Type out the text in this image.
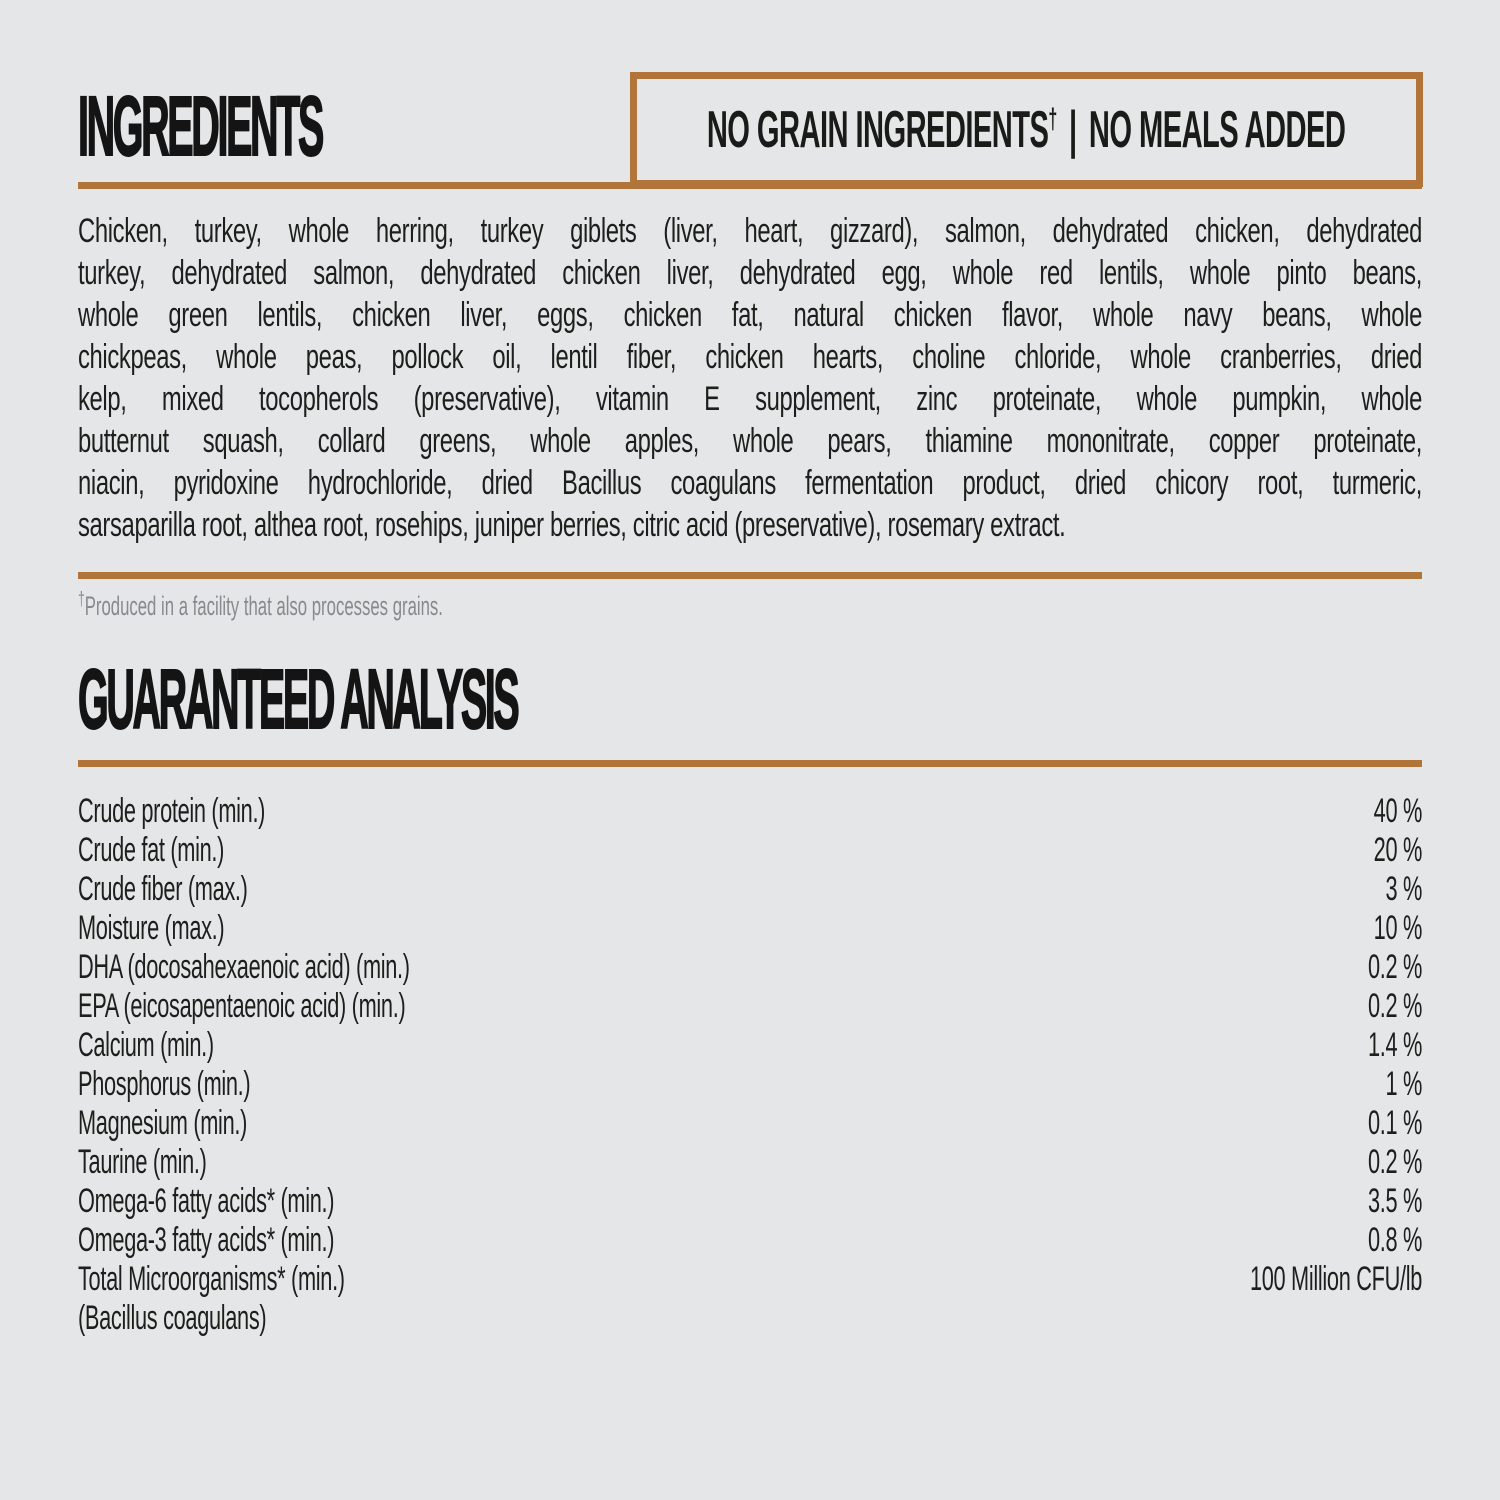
INGREDIENTS	NO GRAIN INGREDIENTS† | NO MEALS ADDED
Chicken, turkey, whole herring, turkey giblets (liver, heart, gizzard), salmon, dehydrated chicken, dehydrated
turkey, dehydrated salmon, dehydrated chicken liver, dehydrated egg, whole red lentils, whole pinto beans,
whole green lentils, chicken liver, eggs, chicken fat, natural chicken flavor, whole navy beans, whole
chickpeas, whole peas, pollock oil, lentil fiber, chicken hearts, choline chloride, whole cranberries, dried
kelp, mixed tocopherols (preservative), vitamin E supplement, zinc proteinate, whole pumpkin, whole
butternut squash, collard greens, whole apples, whole pears, thiamine mononitrate, copper proteinate,
niacin, pyridoxine hydrochloride, dried Bacillus coagulans fermentation product, dried chicory root, turmeric,
sarsaparilla root, althea root, rosehips, juniper berries, citric acid (preservative), rosemary extract.
†Produced in a facility that also processes grains.
GUARANTEED ANALYSIS
Crude protein (min.)	40 %
Crude fat (min.)	20 %
Crude fiber (max.)	3 %
Moisture (max.)	10 %
DHA (docosahexaenoic acid) (min.)	0.2 %
EPA (eicosapentaenoic acid) (min.)	0.2 %
Calcium (min.)	1.4 %
Phosphorus (min.)	1 %
Magnesium (min.)	0.1 %
Taurine (min.)	0.2 %
Omega-6 fatty acids* (min.)	3.5 %
Omega-3 fatty acids* (min.)	0.8 %
Total Microorganisms* (min.)	100 Million CFU/lb
(Bacillus coagulans)
